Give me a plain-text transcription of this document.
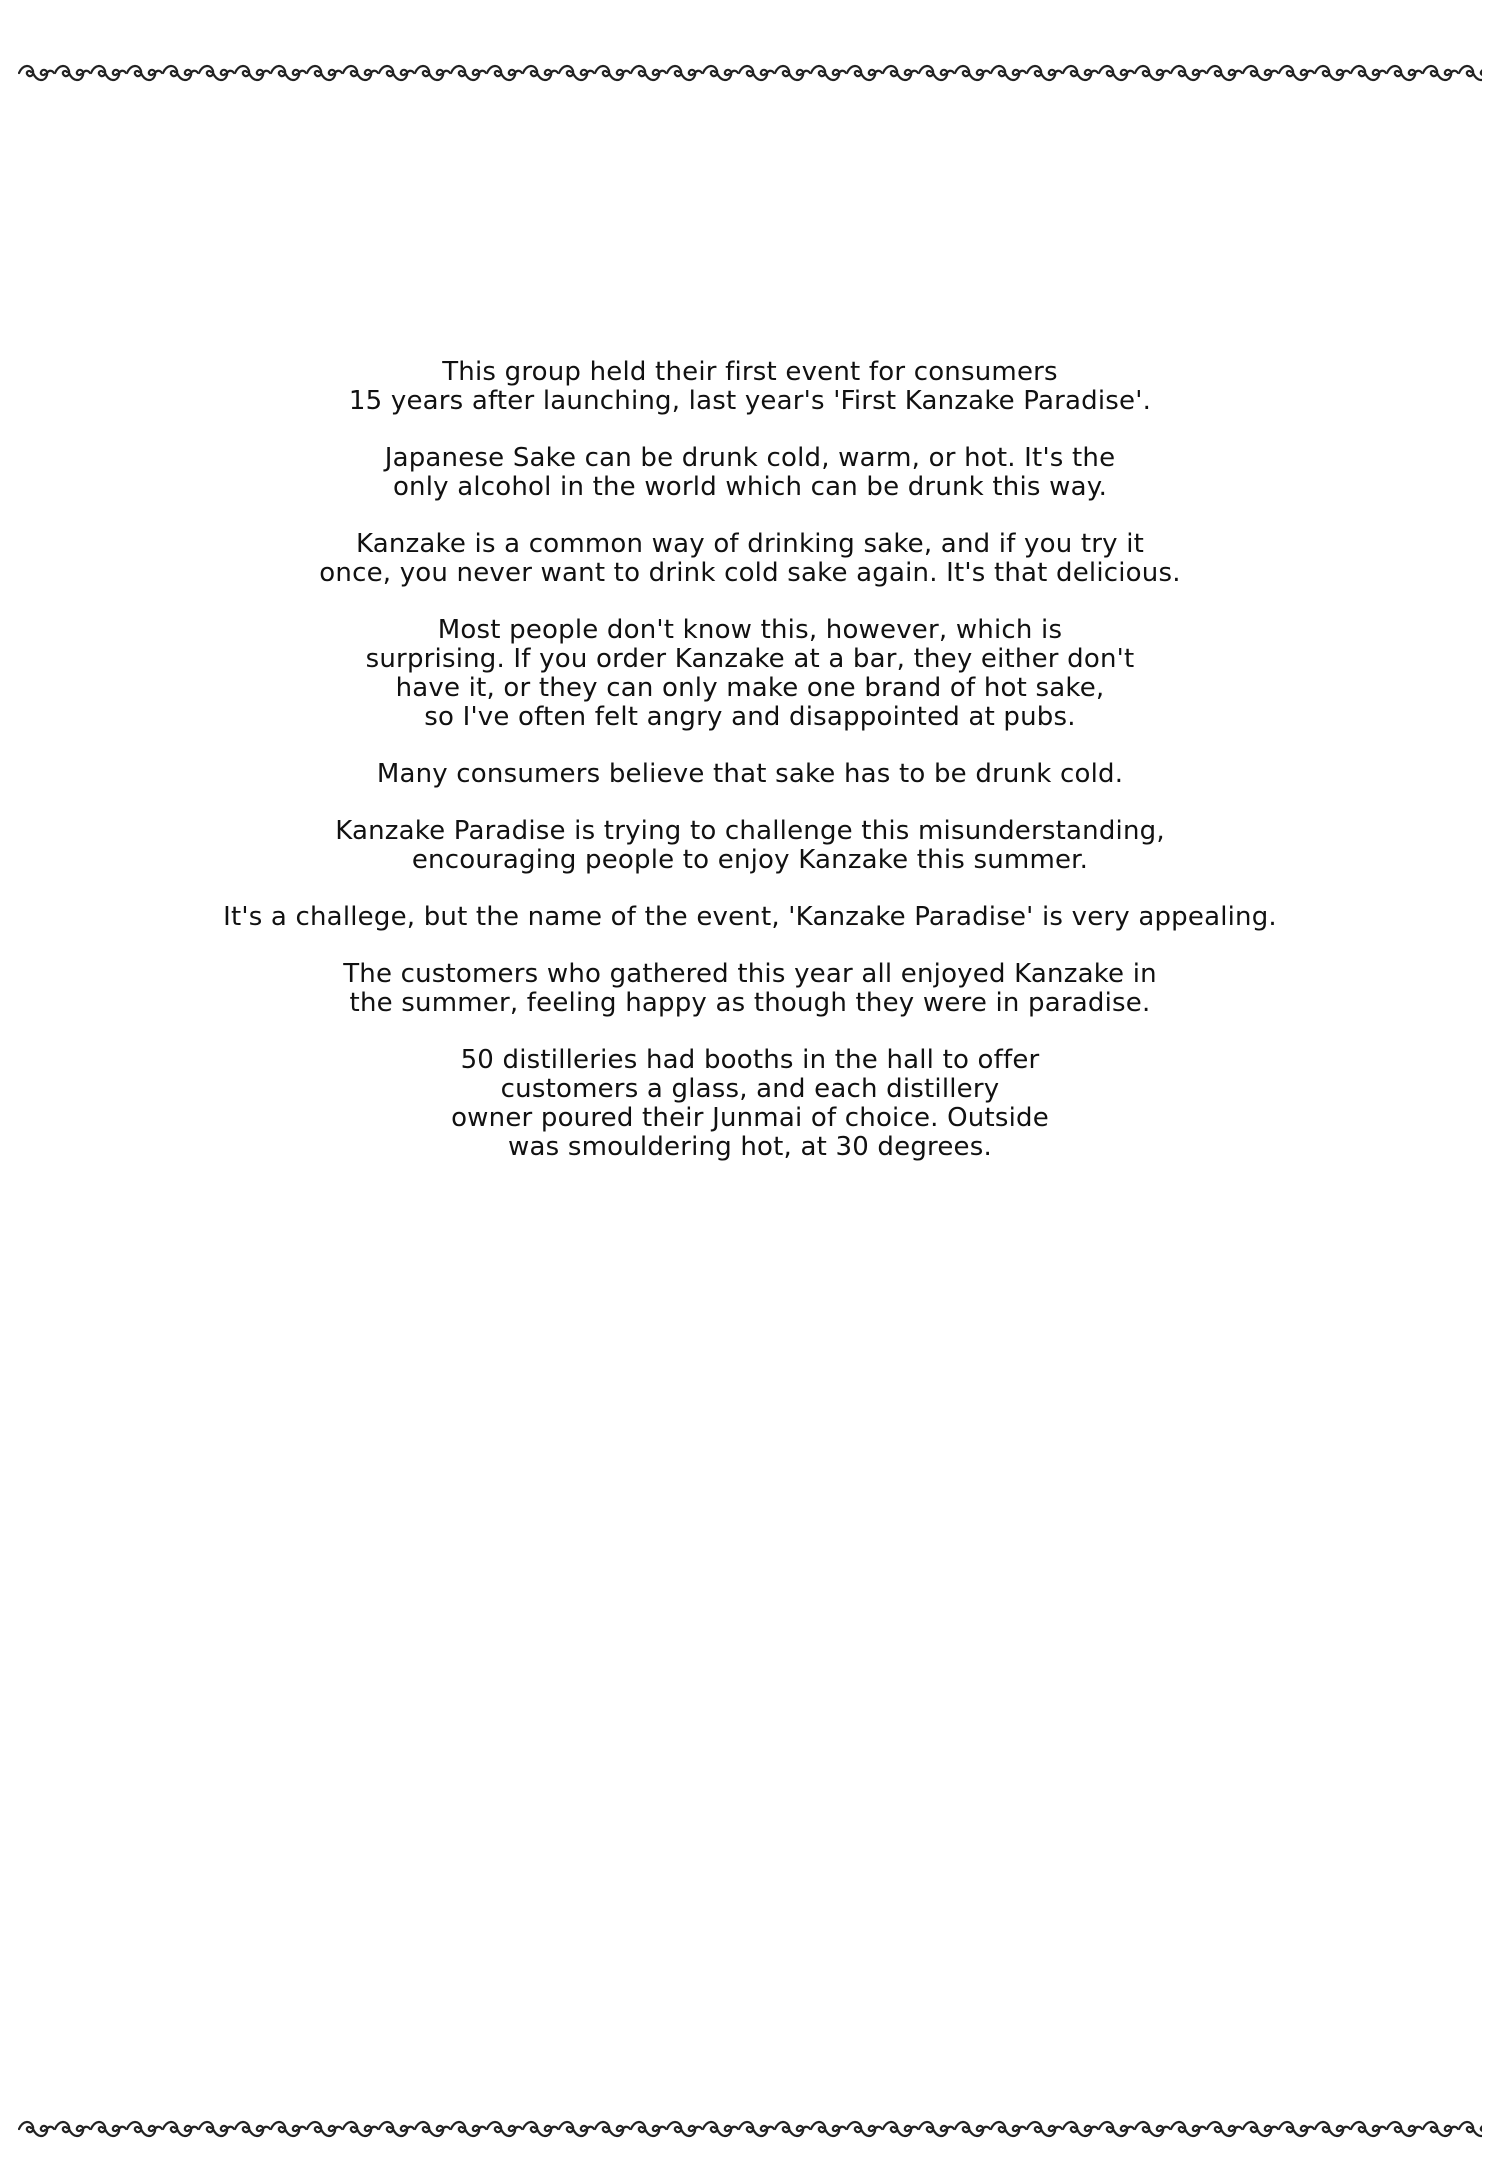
This group held their first event for consumers
15 years after launching, last year's 'First Kanzake Paradise'.

Japanese Sake can be drunk cold, warm, or hot. It's the
only alcohol in the world which can be drunk this way.

Kanzake is a common way of drinking sake, and if you try it
once, you never want to drink cold sake again. It's that delicious.

Most people don't know this, however, which is
surprising. If you order Kanzake at a bar, they either don't
have it, or they can only make one brand of hot sake,
so I've often felt angry and disappointed at pubs.

Many consumers believe that sake has to be drunk cold.

Kanzake Paradise is trying to challenge this misunderstanding,
encouraging people to enjoy Kanzake this summer.

It's a challege, but the name of the event, 'Kanzake Paradise' is very appealing.

The customers who gathered this year all enjoyed Kanzake in
the summer, feeling happy as though they were in paradise.

50 distilleries had booths in the hall to offer
customers a glass, and each distillery
owner poured their Junmai of choice. Outside
was smouldering hot, at 30 degrees.
